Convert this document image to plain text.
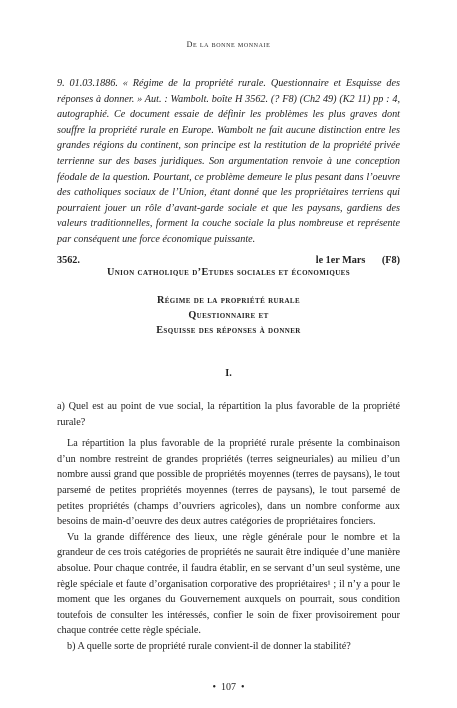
De la bonne monnaie
9. 01.03.1886. « Régime de la propriété rurale. Questionnaire et Esquisse des réponses à donner. » Aut. : Wambolt. boîte H 3562. (? F8) (Ch2 49) (K2 11) pp : 4, autographié. Ce document essaie de définir les problèmes les plus graves dont souffre la propriété rurale en Europe. Wambolt ne fait aucune distinction entre les grandes régions du continent, son principe est la restitution de la propriété privée terrienne sur des bases juridiques. Son argumentation renvoie à une conception féodale de la question. Pourtant, ce problème demeure le plus pesant dans l’oeuvre des catholiques sociaux de l’Union, étant donné que les propriétaires terriens qui pourraient jouer un rôle d’avant-garde sociale et que les paysans, gardiens des valeurs traditionnelles, forment la couche sociale la plus nombreuse et représente par conséquent une force économique puissante.
3562.	le 1er Mars (F8)
Union catholique d’Etudes sociales et économiques
Régime de la propriété rurale
Questionnaire et
Esquisse des réponses à donner
I.

a) Quel est au point de vue social, la répartition la plus favorable de la propriété rurale?

La répartition la plus favorable de la propriété rurale présente la combinaison d’un nombre restreint de grandes propriétés (terres seigneuriales) au milieu d’un nombre aussi grand que possible de propriétés moyennes (terres de paysans), le tout parsemé de petites propriétés moyennes (terres de paysans), le tout parsemé de petites propriétés (champs d’ouvriers agricoles), dans un nombre conforme aux besoins de main-d’oeuvre des deux autres catégories de propriétaires fonciers.

Vu la grande différence des lieux, une règle générale pour le nombre et la grandeur de ces trois catégories de propriétés ne saurait être indiquée d’une manière absolue. Pour chaque contrée, il faudra établir, en se servant d’un seul système, une règle spéciale et faute d’organisation corporative des propriétaires¹ ; il n’y a pour le moment que les organes du Gouvernement auxquels on pourrait, sous condition toutefois de consulter les intéressés, confier le soin de fixer provisoirement pour chaque contrée cette règle spéciale.

b) A quelle sorte de propriété rurale convient-il de donner la stabilité?

• 107 •
